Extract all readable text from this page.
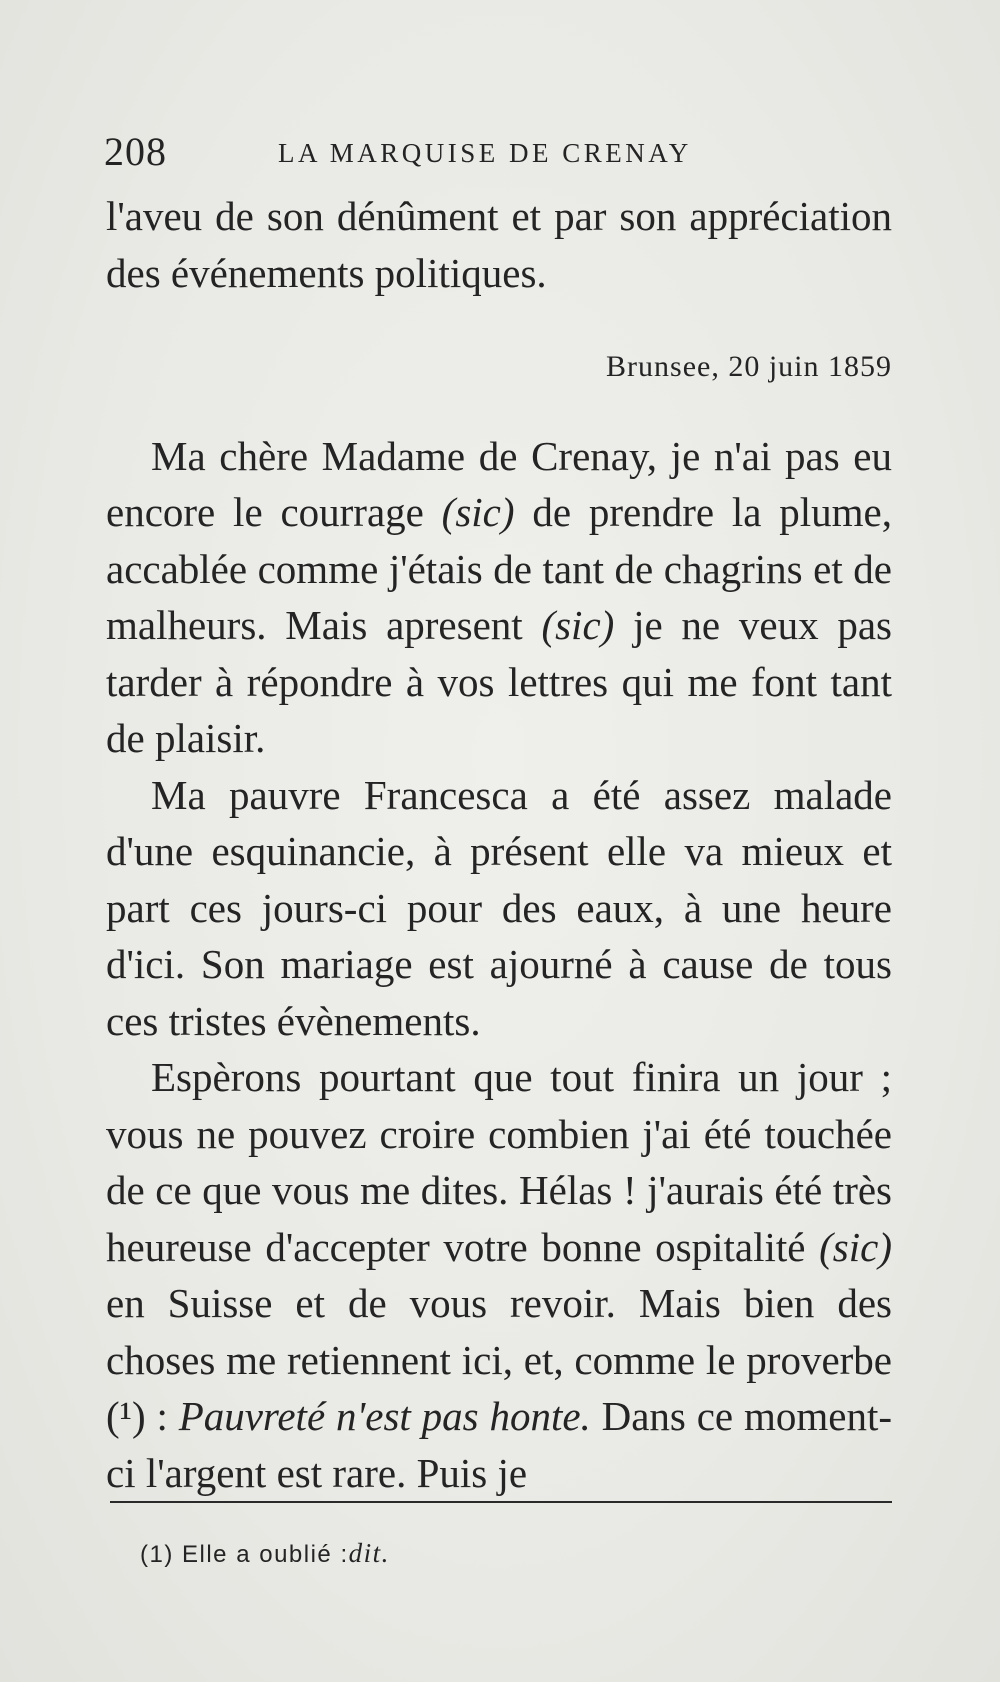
208	LA MARQUISE DE CRENAY

l'aveu de son dénûment et par son appréciation des événements politiques.

Brunsee, 20 juin 1859

Ma chère Madame de Crenay, je n'ai pas eu encore le courrage (sic) de prendre la plume, accablée comme j'étais de tant de chagrins et de malheurs. Mais apresent (sic) je ne veux pas tarder à répondre à vos lettres qui me font tant de plaisir.

Ma pauvre Francesca a été assez malade d'une esquinancie, à présent elle va mieux et part ces jours-ci pour des eaux, à une heure d'ici. Son mariage est ajourné à cause de tous ces tristes évènements.

Espèrons pourtant que tout finira un jour ; vous ne pouvez croire combien j'ai été touchée de ce que vous me dites. Hélas ! j'aurais été très heureuse d'accepter votre bonne ospitalité (sic) en Suisse et de vous revoir. Mais bien des choses me retiennent ici, et, comme le proverbe (¹) : Pauvreté n'est pas honte. Dans ce moment-ci l'argent est rare. Puis je

(1) Elle a oublié :dit.
